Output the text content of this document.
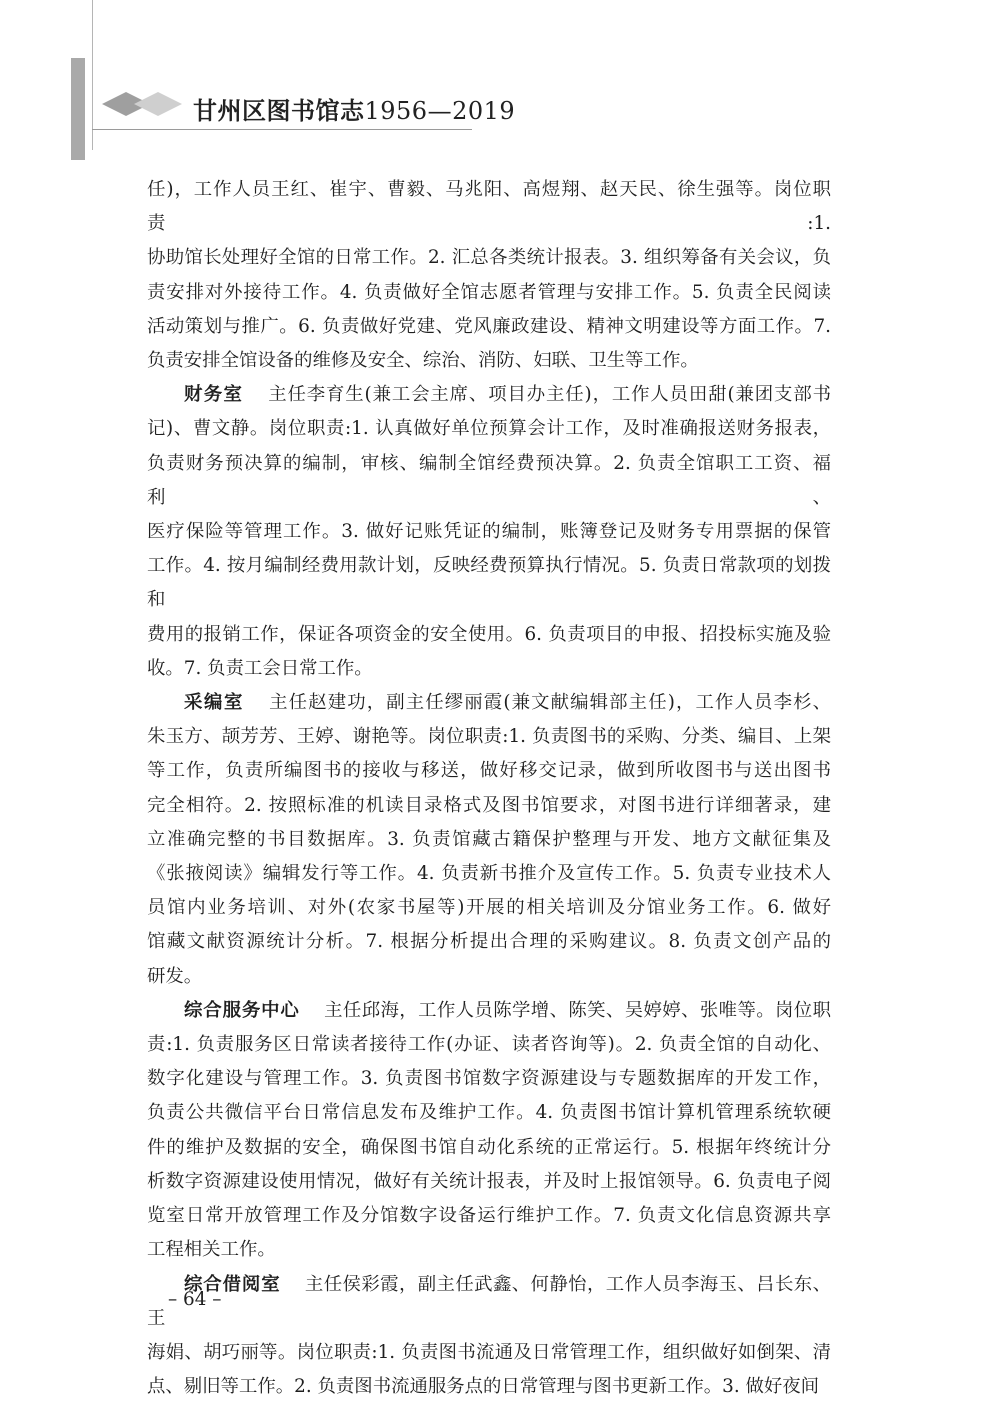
甘州区图书馆志1956—2019
任)，工作人员王红、崔宇、曹毅、马兆阳、高煜翔、赵天民、徐生强等。岗位职责:1.
协助馆长处理好全馆的日常工作。2. 汇总各类统计报表。3. 组织筹备有关会议，负
责安排对外接待工作。4. 负责做好全馆志愿者管理与安排工作。5. 负责全民阅读
活动策划与推广。6. 负责做好党建、党风廉政建设、精神文明建设等方面工作。7.
负责安排全馆设备的维修及安全、综治、消防、妇联、卫生等工作。
财务室 主任李育生(兼工会主席、项目办主任)，工作人员田甜(兼团支部书
记)、曹文静。岗位职责:1. 认真做好单位预算会计工作，及时准确报送财务报表，
负责财务预决算的编制，审核、编制全馆经费预决算。2. 负责全馆职工工资、福利、
医疗保险等管理工作。3. 做好记账凭证的编制，账簿登记及财务专用票据的保管
工作。4. 按月编制经费用款计划，反映经费预算执行情况。5. 负责日常款项的划拨和
费用的报销工作，保证各项资金的安全使用。6. 负责项目的申报、招投标实施及验
收。7. 负责工会日常工作。
采编室 主任赵建功，副主任缪丽霞(兼文献编辑部主任)，工作人员李杉、
朱玉方、颉芳芳、王婷、谢艳等。岗位职责:1. 负责图书的采购、分类、编目、上架
等工作，负责所编图书的接收与移送，做好移交记录，做到所收图书与送出图书
完全相符。2. 按照标准的机读目录格式及图书馆要求，对图书进行详细著录，建
立准确完整的书目数据库。3. 负责馆藏古籍保护整理与开发、地方文献征集及
《张掖阅读》编辑发行等工作。4. 负责新书推介及宣传工作。5. 负责专业技术人
员馆内业务培训、对外(农家书屋等)开展的相关培训及分馆业务工作。6. 做好
馆藏文献资源统计分析。7. 根据分析提出合理的采购建议。8. 负责文创产品的
研发。
综合服务中心 主任邱海，工作人员陈学增、陈笑、吴婷婷、张唯等。岗位职
责:1. 负责服务区日常读者接待工作(办证、读者咨询等)。2. 负责全馆的自动化、
数字化建设与管理工作。3. 负责图书馆数字资源建设与专题数据库的开发工作，
负责公共微信平台日常信息发布及维护工作。4. 负责图书馆计算机管理系统软硬
件的维护及数据的安全，确保图书馆自动化系统的正常运行。5. 根据年终统计分
析数字资源建设使用情况，做好有关统计报表，并及时上报馆领导。6. 负责电子阅
览室日常开放管理工作及分馆数字设备运行维护工作。7. 负责文化信息资源共享
工程相关工作。
综合借阅室 主任侯彩霞，副主任武鑫、何静怡，工作人员李海玉、吕长东、王
海娟、胡巧丽等。岗位职责:1. 负责图书流通及日常管理工作，组织做好如倒架、清
点、剔旧等工作。2. 负责图书流通服务点的日常管理与图书更新工作。3. 做好夜间
– 64 –
